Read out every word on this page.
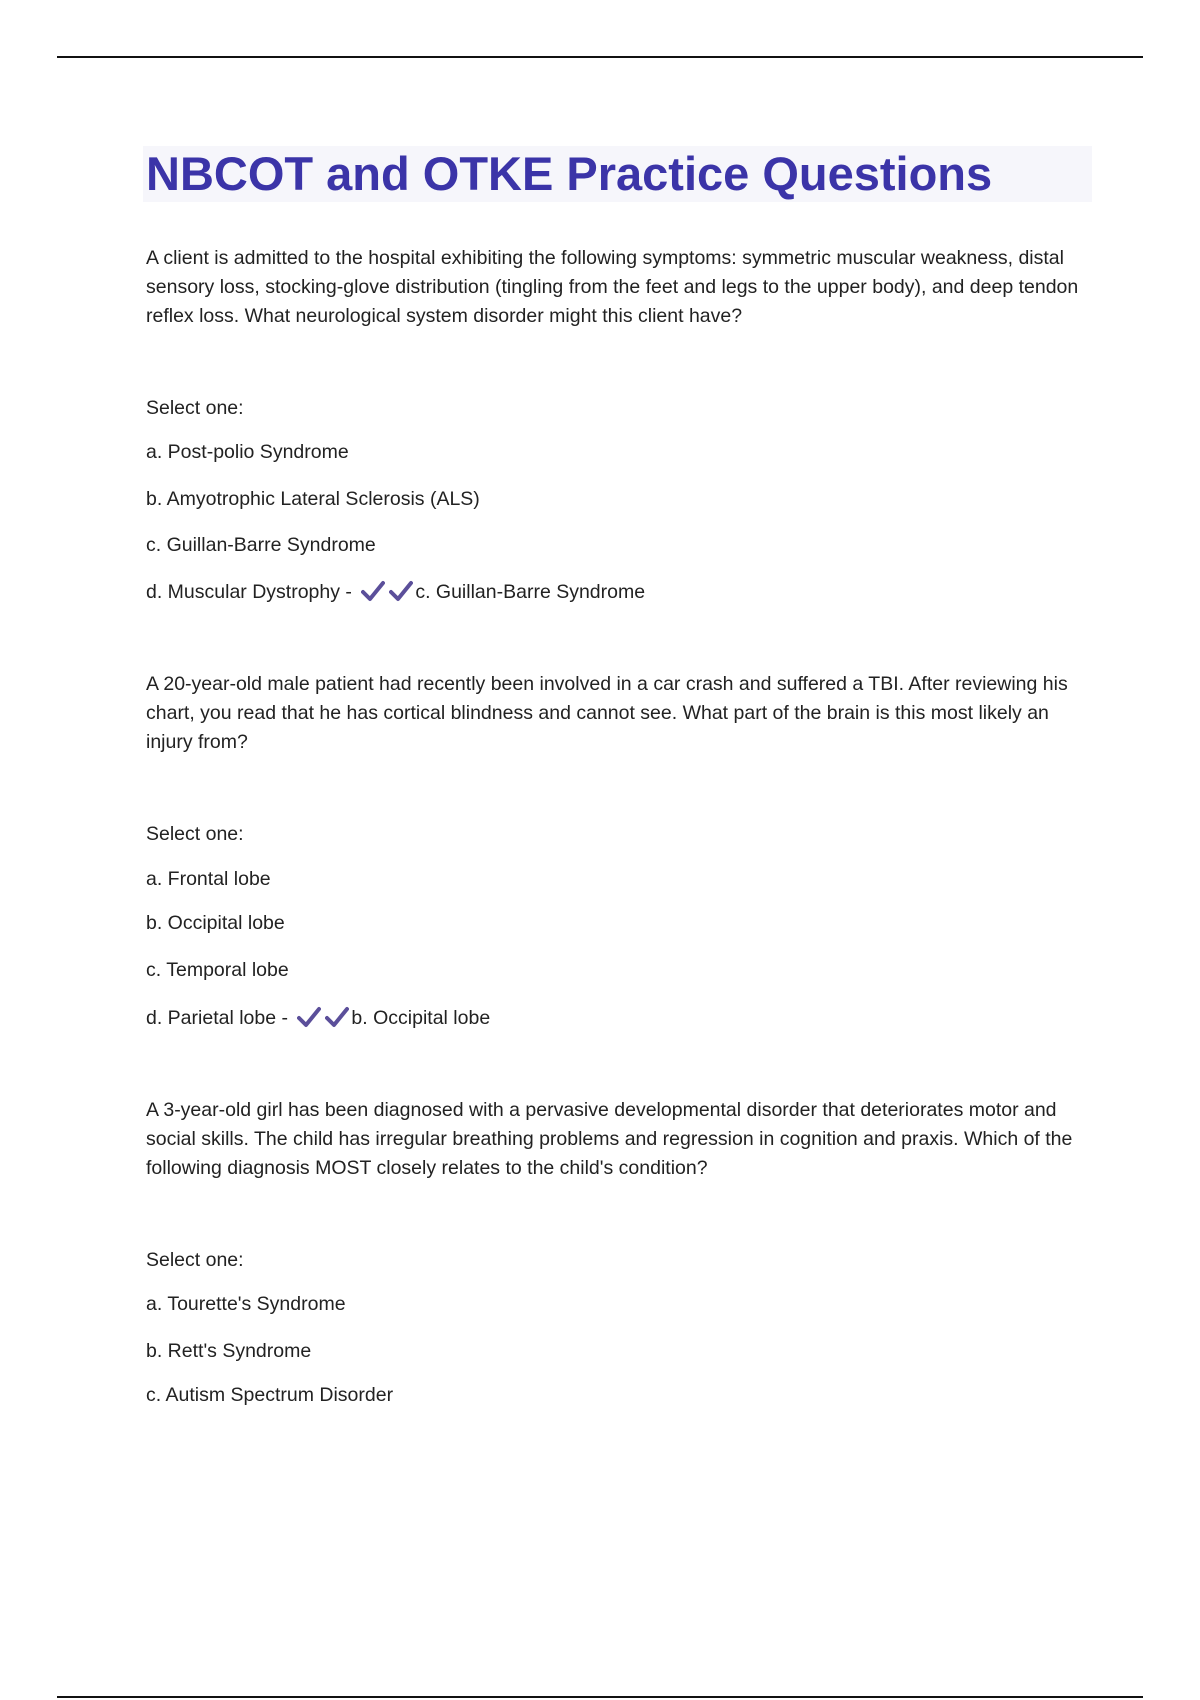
NBCOT and OTKE Practice Questions

A client is admitted to the hospital exhibiting the following symptoms: symmetric muscular weakness, distal sensory loss, stocking-glove distribution (tingling from the feet and legs to the upper body), and deep tendon reflex loss. What neurological system disorder might this client have?

Select one:

a. Post-polio Syndrome

b. Amyotrophic Lateral Sclerosis (ALS)

c. Guillan-Barre Syndrome

d. Muscular Dystrophy -	c. Guillan-Barre Syndrome

A 20-year-old male patient had recently been involved in a car crash and suffered a TBI. After reviewing his chart, you read that he has cortical blindness and cannot see. What part of the brain is this most likely an injury from?

Select one:

a. Frontal lobe

b. Occipital lobe

c. Temporal lobe

d. Parietal lobe -	b. Occipital lobe

A 3-year-old girl has been diagnosed with a pervasive developmental disorder that deteriorates motor and social skills. The child has irregular breathing problems and regression in cognition and praxis. Which of the following diagnosis MOST closely relates to the child's condition?

Select one:

a. Tourette's Syndrome

b. Rett's Syndrome

c. Autism Spectrum Disorder
